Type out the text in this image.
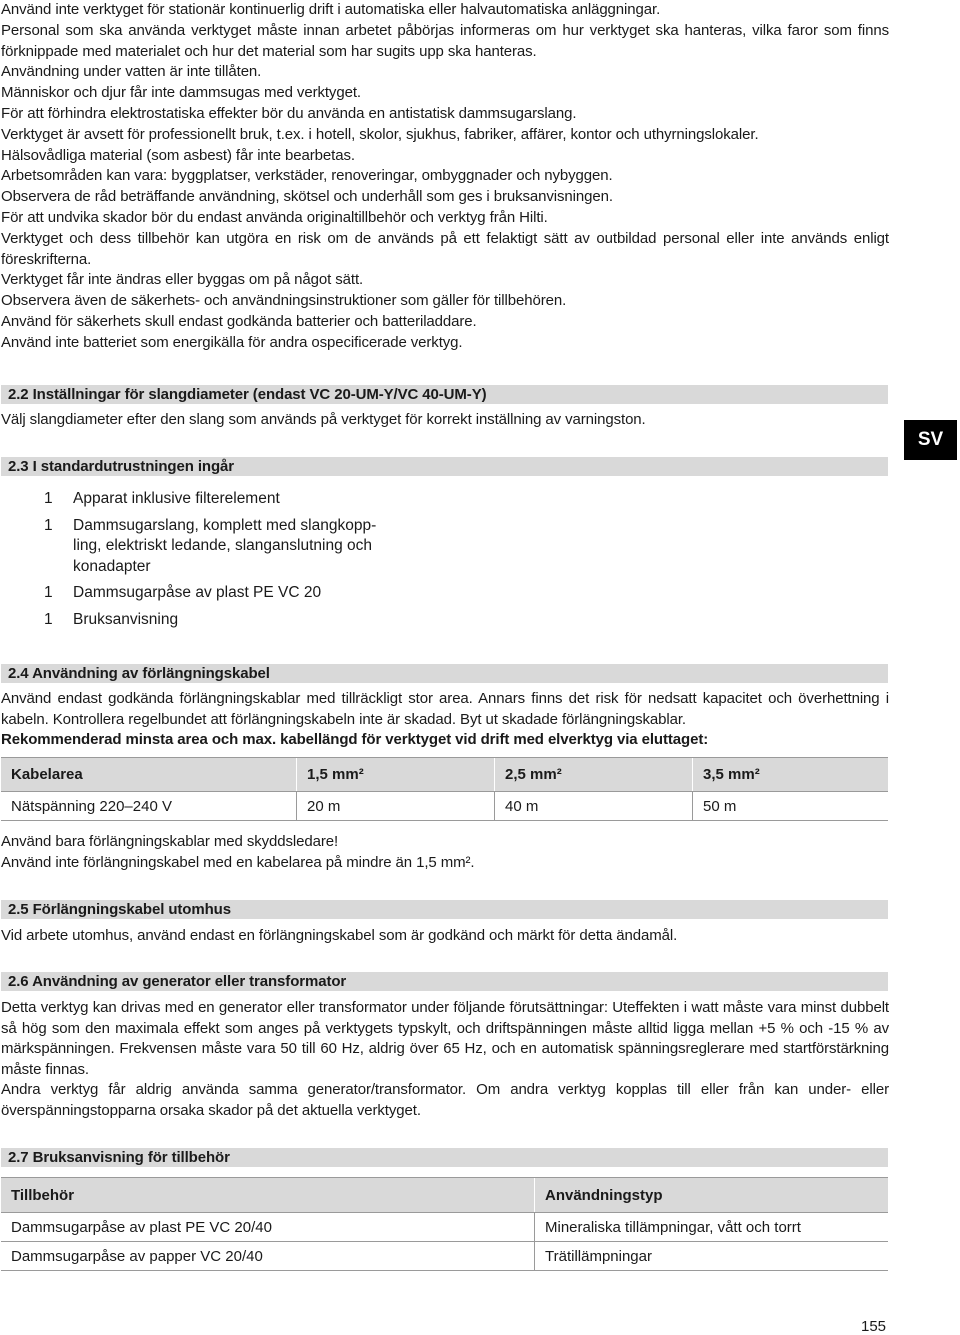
Använd inte verktyget för stationär kontinuerlig drift i automatiska eller halvautomatiska anläggningar.

Personal som ska använda verktyget måste innan arbetet påbörjas informeras om hur verktyget ska hanteras, vilka faror som finns förknippade med materialet och hur det material som har sugits upp ska hanteras.

Användning under vatten är inte tillåten.

Människor och djur får inte dammsugas med verktyget.

För att förhindra elektrostatiska effekter bör du använda en antistatisk dammsugarslang.

Verktyget är avsett för professionellt bruk, t.ex. i hotell, skolor, sjukhus, fabriker, affärer, kontor och uthyrningslokaler.

Hälsovådliga material (som asbest) får inte bearbetas.

Arbetsområden kan vara: byggplatser, verkstäder, renoveringar, ombyggnader och nybyggen.

Observera de råd beträffande användning, skötsel och underhåll som ges i bruksanvisningen.

För att undvika skador bör du endast använda originaltillbehör och verktyg från Hilti.

Verktyget och dess tillbehör kan utgöra en risk om de används på ett felaktigt sätt av outbildad personal eller inte används enligt föreskrifterna.

Verktyget får inte ändras eller byggas om på något sätt.

Observera även de säkerhets- och användningsinstruktioner som gäller för tillbehören.

Använd för säkerhets skull endast godkända batterier och batteriladdare.

Använd inte batteriet som energikälla för andra ospecificerade verktyg.

2.2 Inställningar för slangdiameter (endast VC 20-UM-Y/VC 40-UM-Y)
Välj slangdiameter efter den slang som används på verktyget för korrekt inställning av varningston.
2.3 I standardutrustningen ingår
1	Apparat inklusive filterelement
1	Dammsugarslang, komplett med slangkopp-
ling, elektriskt ledande, slanganslutning och konadapter
1	Dammsugarpåse av plast PE VC 20
1	Bruksanvisning
2.4 Användning av förlängningskabel

Använd endast godkända förlängningskablar med tillräckligt stor area. Annars finns det risk för nedsatt kapacitet och överhettning i kabeln. Kontrollera regelbundet att förlängningskabeln inte är skadad. Byt ut skadade förlängningskablar.

Rekommenderad minsta area och max. kabellängd för verktyget vid drift med elverktyg via eluttaget:

Kabelarea	1,5 mm²	2,5 mm²	3,5 mm²
Nätspänning 220–240 V	20 m	40 m	50 m

Använd bara förlängningskablar med skyddsledare!

Använd inte förlängningskabel med en kabelarea på mindre än 1,5 mm².

2.5 Förlängningskabel utomhus
Vid arbete utomhus, använd endast en förlängningskabel som är godkänd och märkt för detta ändamål.
2.6 Användning av generator eller transformator

Detta verktyg kan drivas med en generator eller transformator under följande förutsättningar: Uteffekten i watt måste vara minst dubbelt så hög som den maximala effekt som anges på verktygets typskylt, och driftspänningen måste alltid ligga mellan +5 % och -15 % av märkspänningen. Frekvensen måste vara 50 till 60 Hz, aldrig över 65 Hz, och en automatisk spänningsreglerare med startförstärkning måste finnas.

Andra verktyg får aldrig använda samma generator/transformator. Om andra verktyg kopplas till eller från kan under- eller överspänningstopparna orsaka skador på det aktuella verktyget.

2.7 Bruksanvisning för tillbehör
Tillbehör	Användningstyp
Dammsugarpåse av plast PE VC 20/40	Mineraliska tillämpningar, vått och torrt
Dammsugarpåse av papper VC 20/40	Trätillämpningar
SV
155
